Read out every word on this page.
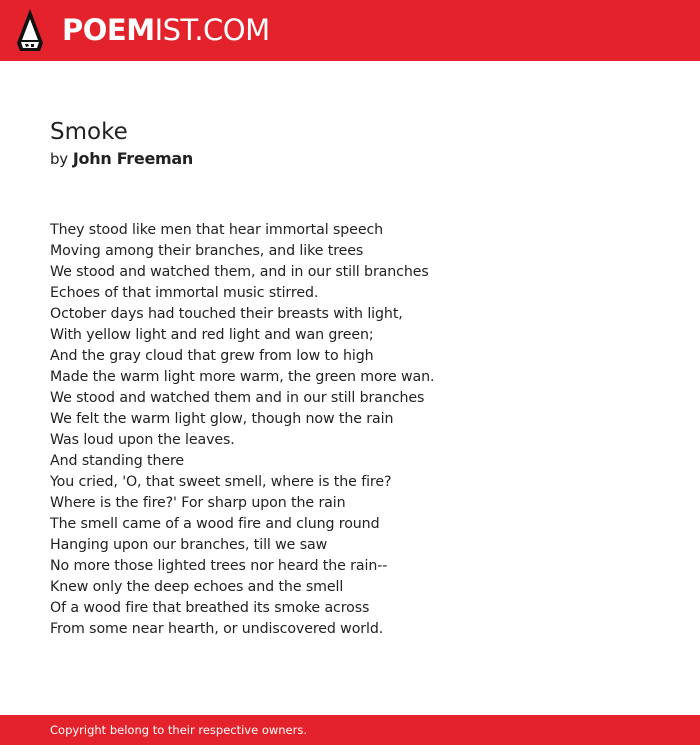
POEMIST.COM
Smoke
by John Freeman
They stood like men that hear immortal speech
Moving among their branches, and like trees
We stood and watched them, and in our still branches
Echoes of that immortal music stirred.
October days had touched their breasts with light,
With yellow light and red light and wan green;
And the gray cloud that grew from low to high
Made the warm light more warm, the green more wan.
We stood and watched them and in our still branches
We felt the warm light glow, though now the rain
Was loud upon the leaves.
And standing there
You cried, 'O, that sweet smell, where is the fire?
Where is the fire?' For sharp upon the rain
The smell came of a wood fire and clung round
Hanging upon our branches, till we saw
No more those lighted trees nor heard the rain--
Knew only the deep echoes and the smell
Of a wood fire that breathed its smoke across
From some near hearth, or undiscovered world.
Copyright belong to their respective owners.
